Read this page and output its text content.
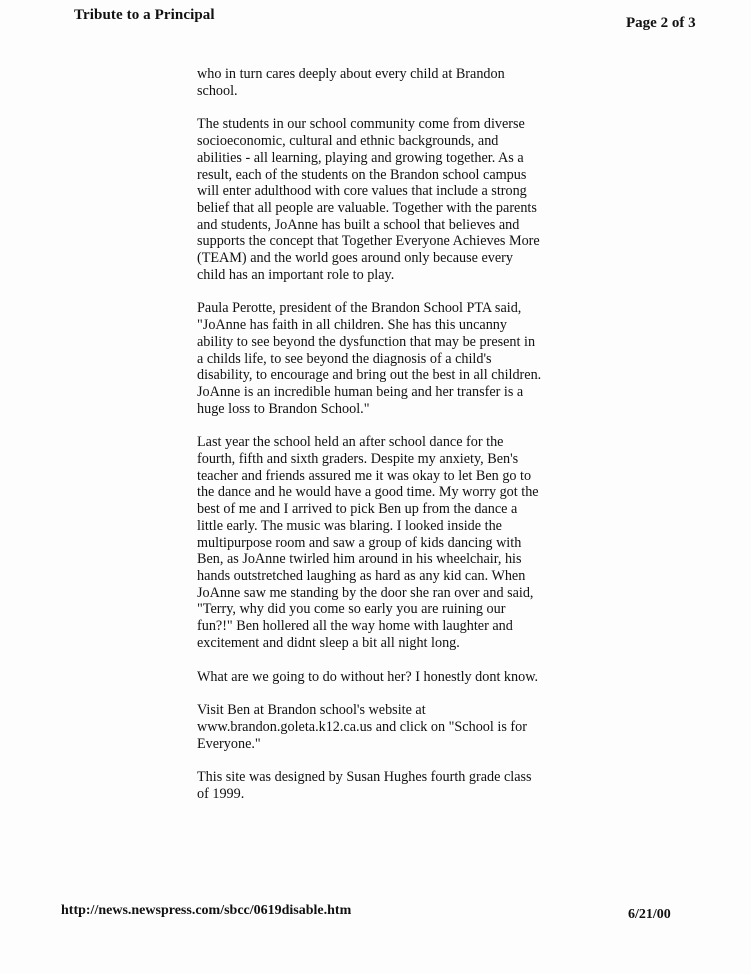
Tribute to a Principal	Page 2 of 3

who in turn cares deeply about every child at Brandon school.

The students in our school community come from diverse socioeconomic, cultural and ethnic backgrounds, and abilities - all learning, playing and growing together. As a result, each of the students on the Brandon school campus will enter adulthood with core values that include a strong belief that all people are valuable. Together with the parents and students, JoAnne has built a school that believes and supports the concept that Together Everyone Achieves More (TEAM) and the world goes around only because every child has an important role to play.

Paula Perotte, president of the Brandon School PTA said, "JoAnne has faith in all children. She has this uncanny ability to see beyond the dysfunction that may be present in a childs life, to see beyond the diagnosis of a child's disability, to encourage and bring out the best in all children. JoAnne is an incredible human being and her transfer is a huge loss to Brandon School."

Last year the school held an after school dance for the fourth, fifth and sixth graders. Despite my anxiety, Ben's teacher and friends assured me it was okay to let Ben go to the dance and he would have a good time. My worry got the best of me and I arrived to pick Ben up from the dance a little early. The music was blaring. I looked inside the multipurpose room and saw a group of kids dancing with Ben, as JoAnne twirled him around in his wheelchair, his hands outstretched laughing as hard as any kid can. When JoAnne saw me standing by the door she ran over and said, "Terry, why did you come so early you are ruining our fun?!" Ben hollered all the way home with laughter and excitement and didnt sleep a bit all night long.

What are we going to do without her? I honestly dont know.

Visit Ben at Brandon school's website at www.brandon.goleta.k12.ca.us and click on "School is for Everyone."

This site was designed by Susan Hughes fourth grade class of 1999.

http://news.newspress.com/sbcc/0619disable.htm	6/21/00
